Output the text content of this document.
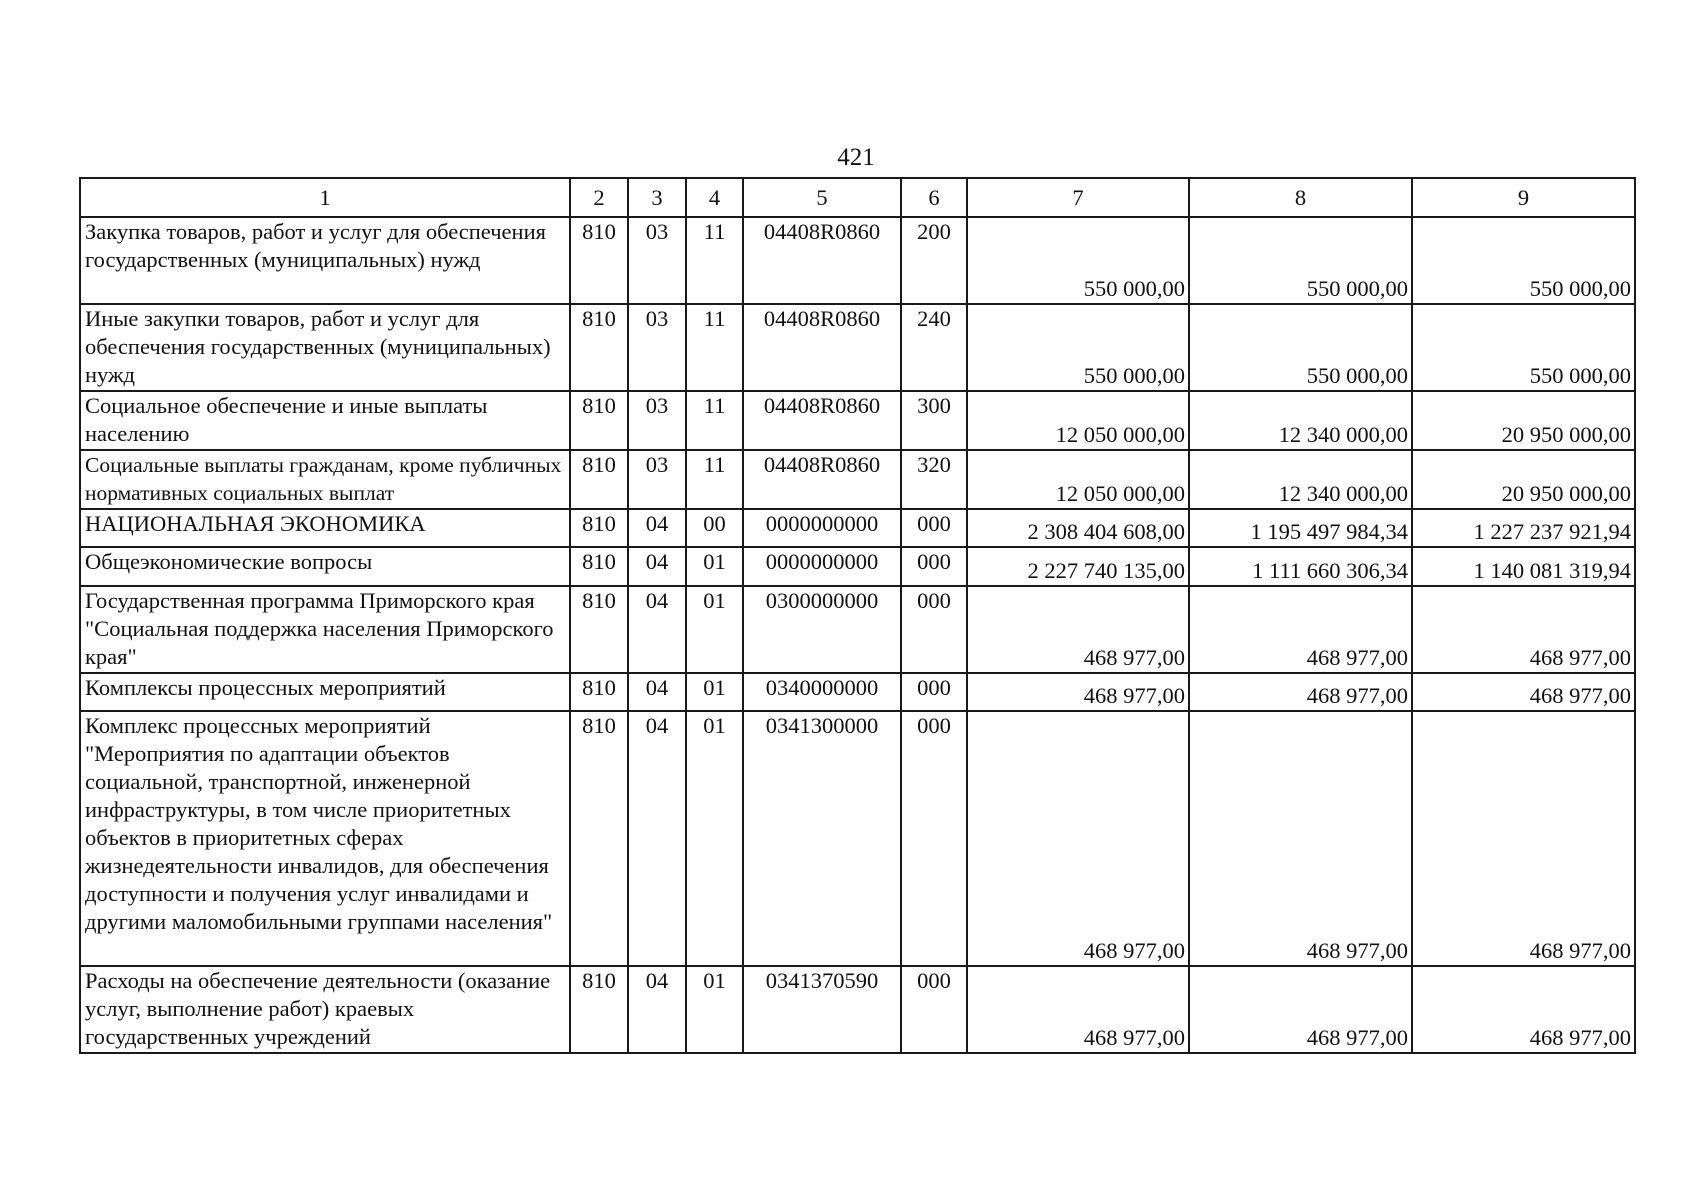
421
1	2	3	4	5	6	7	8	9
Закупка товаров, работ и услуг для обеспечения государственных (муниципальных) нужд	810	03	11	04408R0860	200	550 000,00	550 000,00	550 000,00
Иные закупки товаров, работ и услуг для обеспечения государственных (муниципальных) нужд	810	03	11	04408R0860	240	550 000,00	550 000,00	550 000,00
Социальное обеспечение и иные выплаты населению	810	03	11	04408R0860	300	12 050 000,00	12 340 000,00	20 950 000,00
Социальные выплаты гражданам, кроме публичных нормативных социальных выплат	810	03	11	04408R0860	320	12 050 000,00	12 340 000,00	20 950 000,00
НАЦИОНАЛЬНАЯ ЭКОНОМИКА	810	04	00	0000000000	000	2 308 404 608,00	1 195 497 984,34	1 227 237 921,94
Общеэкономические вопросы	810	04	01	0000000000	000	2 227 740 135,00	1 111 660 306,34	1 140 081 319,94
Государственная программа Приморского края "Социальная поддержка населения Приморского края"	810	04	01	0300000000	000	468 977,00	468 977,00	468 977,00
Комплексы процессных мероприятий	810	04	01	0340000000	000	468 977,00	468 977,00	468 977,00
Комплекс процессных мероприятий "Мероприятия по адаптации объектов социальной, транспортной, инженерной инфраструктуры, в том числе приоритетных объектов в приоритетных сферах жизнедеятельности инвалидов, для обеспечения доступности и получения услуг инвалидами и другими маломобильными группами населения"	810	04	01	0341300000	000	468 977,00	468 977,00	468 977,00
Расходы на обеспечение деятельности (оказание услуг, выполнение работ) краевых государственных учреждений	810	04	01	0341370590	000	468 977,00	468 977,00	468 977,00
